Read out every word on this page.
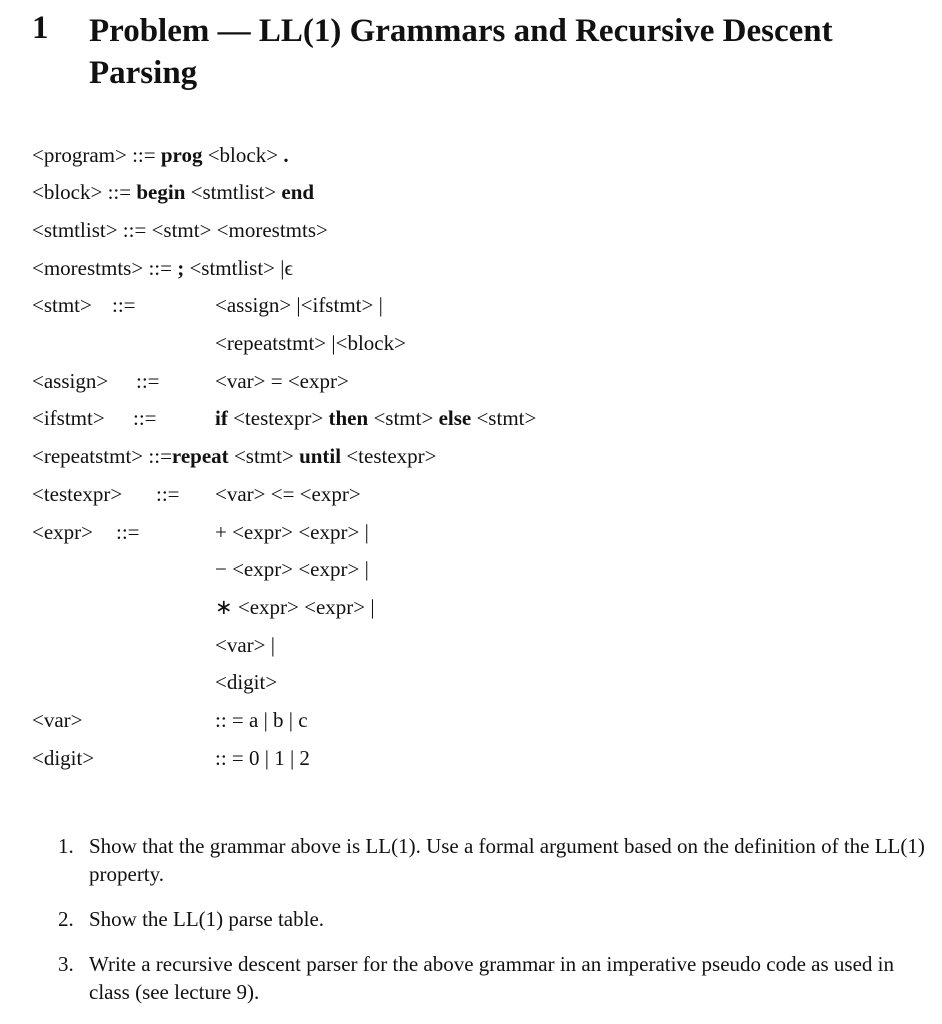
1 Problem — LL(1) Grammars and Recursive Descent Parsing
<program> ::= prog <block> .
<block> ::= begin <stmtlist> end
<stmtlist> ::= <stmt> <morestmts>
<morestmts> ::= ; <stmtlist> |ϵ
<stmt> ::=	<assign> |<ifstmt> |
<repeatstmt> |<block>
<assign> ::=	<var> = <expr>
<ifstmt> ::=	if <testexpr> then <stmt> else <stmt>
<repeatstmt> ::=repeat <stmt> until <testexpr>
<testexpr> ::= <var> <= <expr>
<expr> ::=	+ <expr> <expr> |
− <expr> <expr> |
∗ <expr> <expr> |
<var> |
<digit>
<var>	:: = a | b | c
<digit>	:: = 0 | 1 | 2
1. Show that the grammar above is LL(1). Use a formal argument based on the definition of the LL(1) property.
2. Show the LL(1) parse table.
3. Write a recursive descent parser for the above grammar in an imperative pseudo code as used in class (see lecture 9).
